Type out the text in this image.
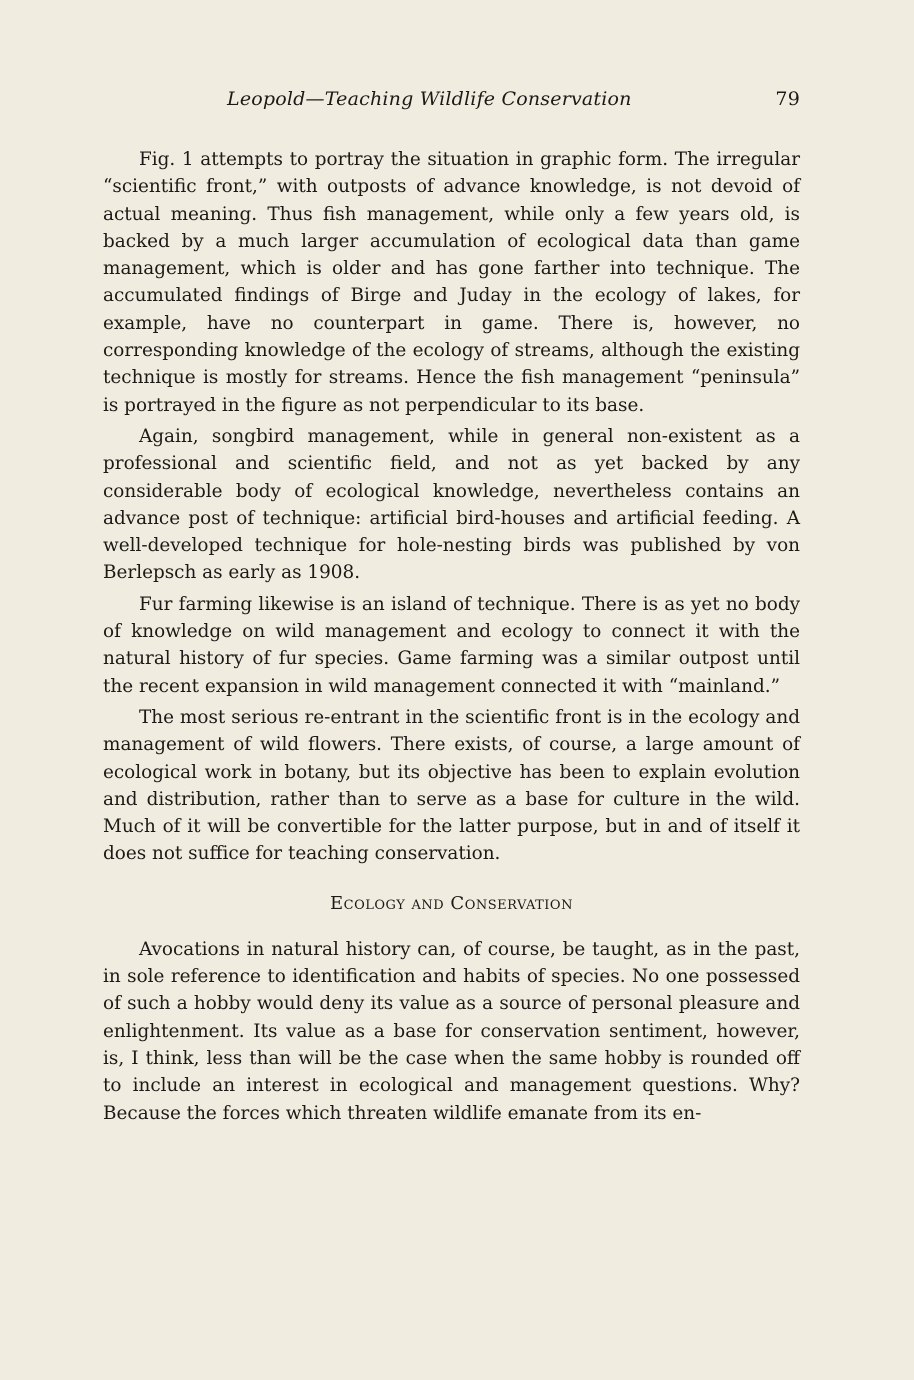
Leopold—Teaching Wildlife Conservation	79

Fig. 1 attempts to portray the situation in graphic form. The irregular “scientific front,” with outposts of advance knowledge, is not devoid of actual meaning. Thus fish management, while only a few years old, is backed by a much larger accumulation of ecological data than game management, which is older and has gone farther into technique. The accumulated findings of Birge and Juday in the ecology of lakes, for example, have no counterpart in game. There is, however, no corresponding knowledge of the ecology of streams, although the existing technique is mostly for streams. Hence the fish management “peninsula” is portrayed in the figure as not perpendicular to its base.

Again, songbird management, while in general non-existent as a professional and scientific field, and not as yet backed by any considerable body of ecological knowledge, nevertheless contains an advance post of technique: artificial bird-houses and artificial feeding. A well-developed technique for hole-nesting birds was published by von Berlepsch as early as 1908.

Fur farming likewise is an island of technique. There is as yet no body of knowledge on wild management and ecology to connect it with the natural history of fur species. Game farming was a similar outpost until the recent expansion in wild management connected it with “mainland.”

The most serious re-entrant in the scientific front is in the ecology and management of wild flowers. There exists, of course, a large amount of ecological work in botany, but its objective has been to explain evolution and distribution, rather than to serve as a base for culture in the wild. Much of it will be convertible for the latter purpose, but in and of itself it does not suffice for teaching conservation.

Ecology and Conservation

Avocations in natural history can, of course, be taught, as in the past, in sole reference to identification and habits of species. No one possessed of such a hobby would deny its value as a source of personal pleasure and enlightenment. Its value as a base for conservation sentiment, however, is, I think, less than will be the case when the same hobby is rounded off to include an interest in ecological and management questions. Why? Because the forces which threaten wildlife emanate from its en-
